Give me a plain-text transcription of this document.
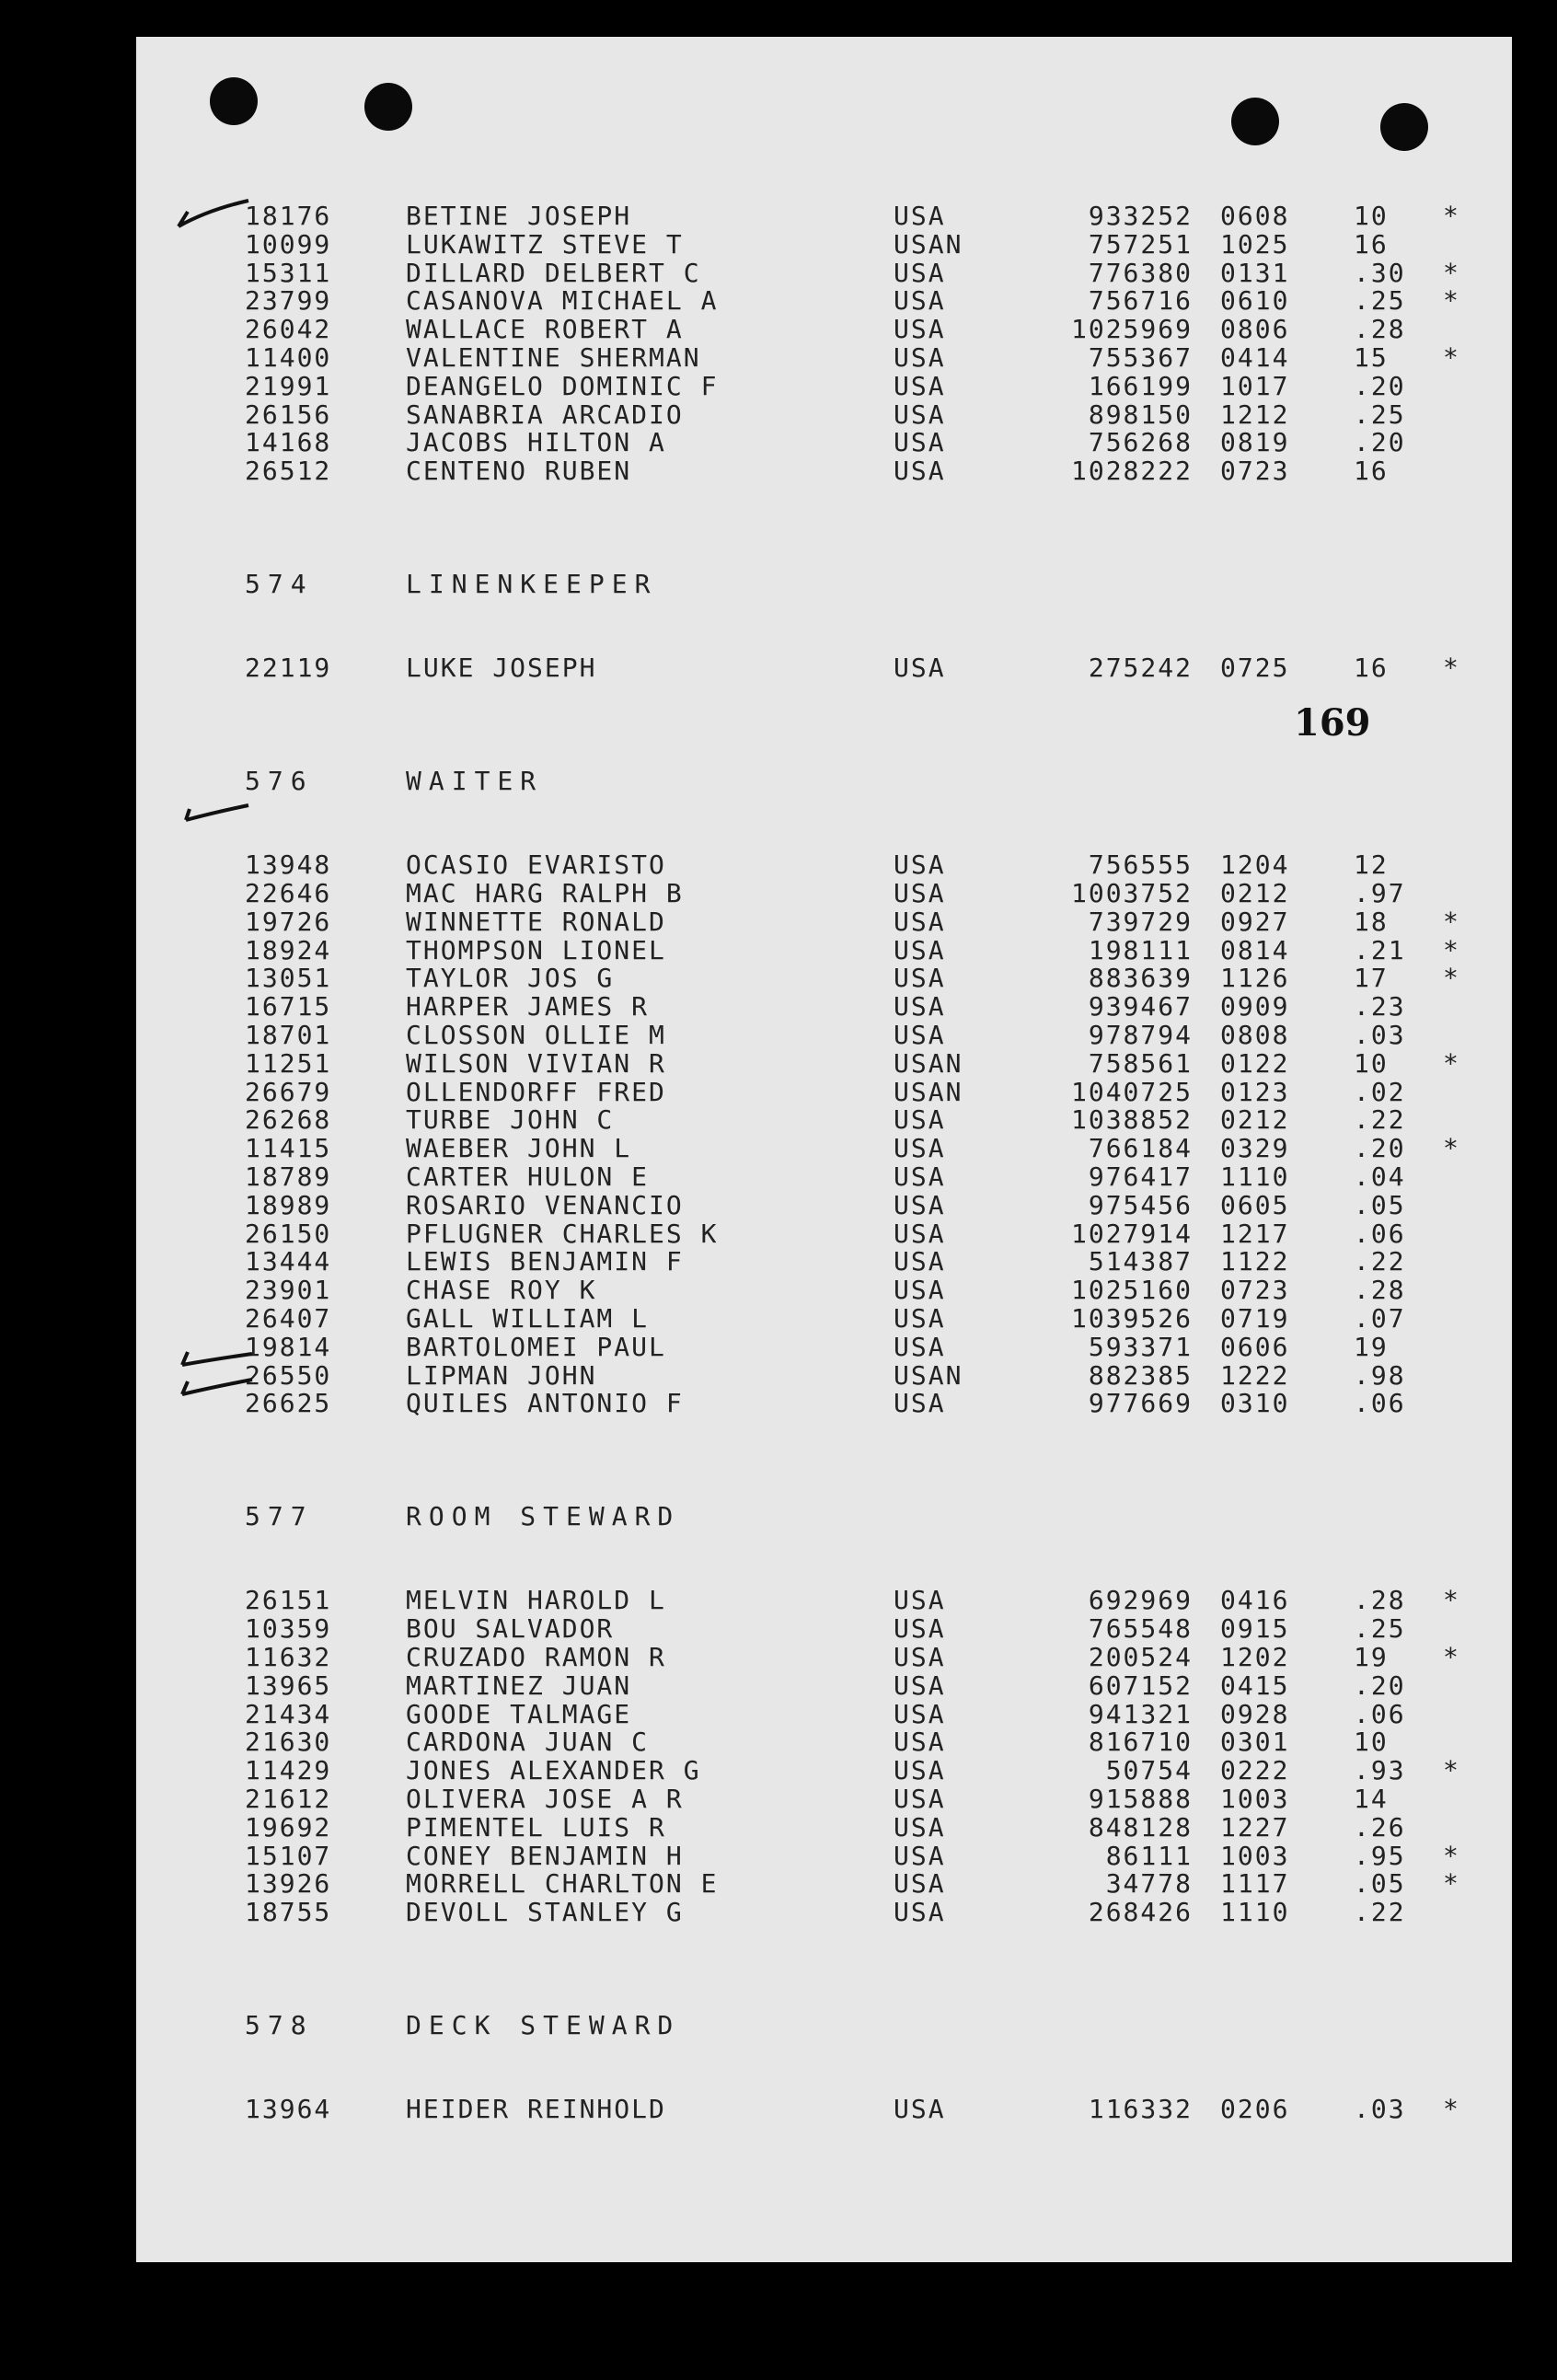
169
18176	BETINE JOSEPH	USA	933252 0608 10 *
10099	LUKAWITZ STEVE T	USAN	757251 1025 16
15311	DILLARD DELBERT C	USA	776380 0131 .30 *
23799	CASANOVA MICHAEL A	USA	756716 0610 .25 *
26042	WALLACE ROBERT A	USA	1025969 0806 .28
11400	VALENTINE SHERMAN	USA	755367 0414 15 *
21991	DEANGELO DOMINIC F	USA	166199 1017 .20
26156	SANABRIA ARCADIO	USA	898150 1212 .25
14168	JACOBS HILTON A	USA	756268 0819 .20
26512	CENTENO RUBEN	USA	1028222 0723 16
574	LINENKEEPER
22119	LUKE JOSEPH	USA	275242 0725 16 *
576	WAITER
13948	OCASIO EVARISTO	USA	756555 1204 12
22646	MAC HARG RALPH B	USA	1003752 0212 .97
19726	WINNETTE RONALD	USA	739729 0927 18 *
18924	THOMPSON LIONEL	USA	198111 0814 .21 *
13051	TAYLOR JOS G	USA	883639 1126 17 *
16715	HARPER JAMES R	USA	939467 0909 .23
18701	CLOSSON OLLIE M	USA	978794 0808 .03
11251	WILSON VIVIAN R	USAN	758561 0122 10 *
26679	OLLENDORFF FRED	USAN	1040725 0123 .02
26268	TURBE JOHN C	USA	1038852 0212 .22
11415	WAEBER JOHN L	USA	766184 0329 .20 *
18789	CARTER HULON E	USA	976417 1110 .04
18989	ROSARIO VENANCIO	USA	975456 0605 .05
26150	PFLUGNER CHARLES K	USA	1027914 1217 .06
13444	LEWIS BENJAMIN F	USA	514387 1122 .22
23901	CHASE ROY K	USA	1025160 0723 .28
26407	GALL WILLIAM L	USA	1039526 0719 .07
19814	BARTOLOMEI PAUL	USA	593371 0606 19
26550	LIPMAN JOHN	USAN	882385 1222 .98
26625	QUILES ANTONIO F	USA	977669 0310 .06
577	ROOM STEWARD
26151	MELVIN HAROLD L	USA	692969 0416 .28 *
10359	BOU SALVADOR	USA	765548 0915 .25
11632	CRUZADO RAMON R	USA	200524 1202 19 *
13965	MARTINEZ JUAN	USA	607152 0415 .20
21434	GOODE TALMAGE	USA	941321 0928 .06
21630	CARDONA JUAN C	USA	816710 0301 10
11429	JONES ALEXANDER G	USA	50754 0222 .93 *
21612	OLIVERA JOSE A R	USA	915888 1003 14
19692	PIMENTEL LUIS R	USA	848128 1227 .26
15107	CONEY BENJAMIN H	USA	86111 1003 .95 *
13926	MORRELL CHARLTON E	USA	34778 1117 .05 *
18755	DEVOLL STANLEY G	USA	268426 1110 .22
578	DECK STEWARD
13964	HEIDER REINHOLD	USA	116332 0206 .03 *
